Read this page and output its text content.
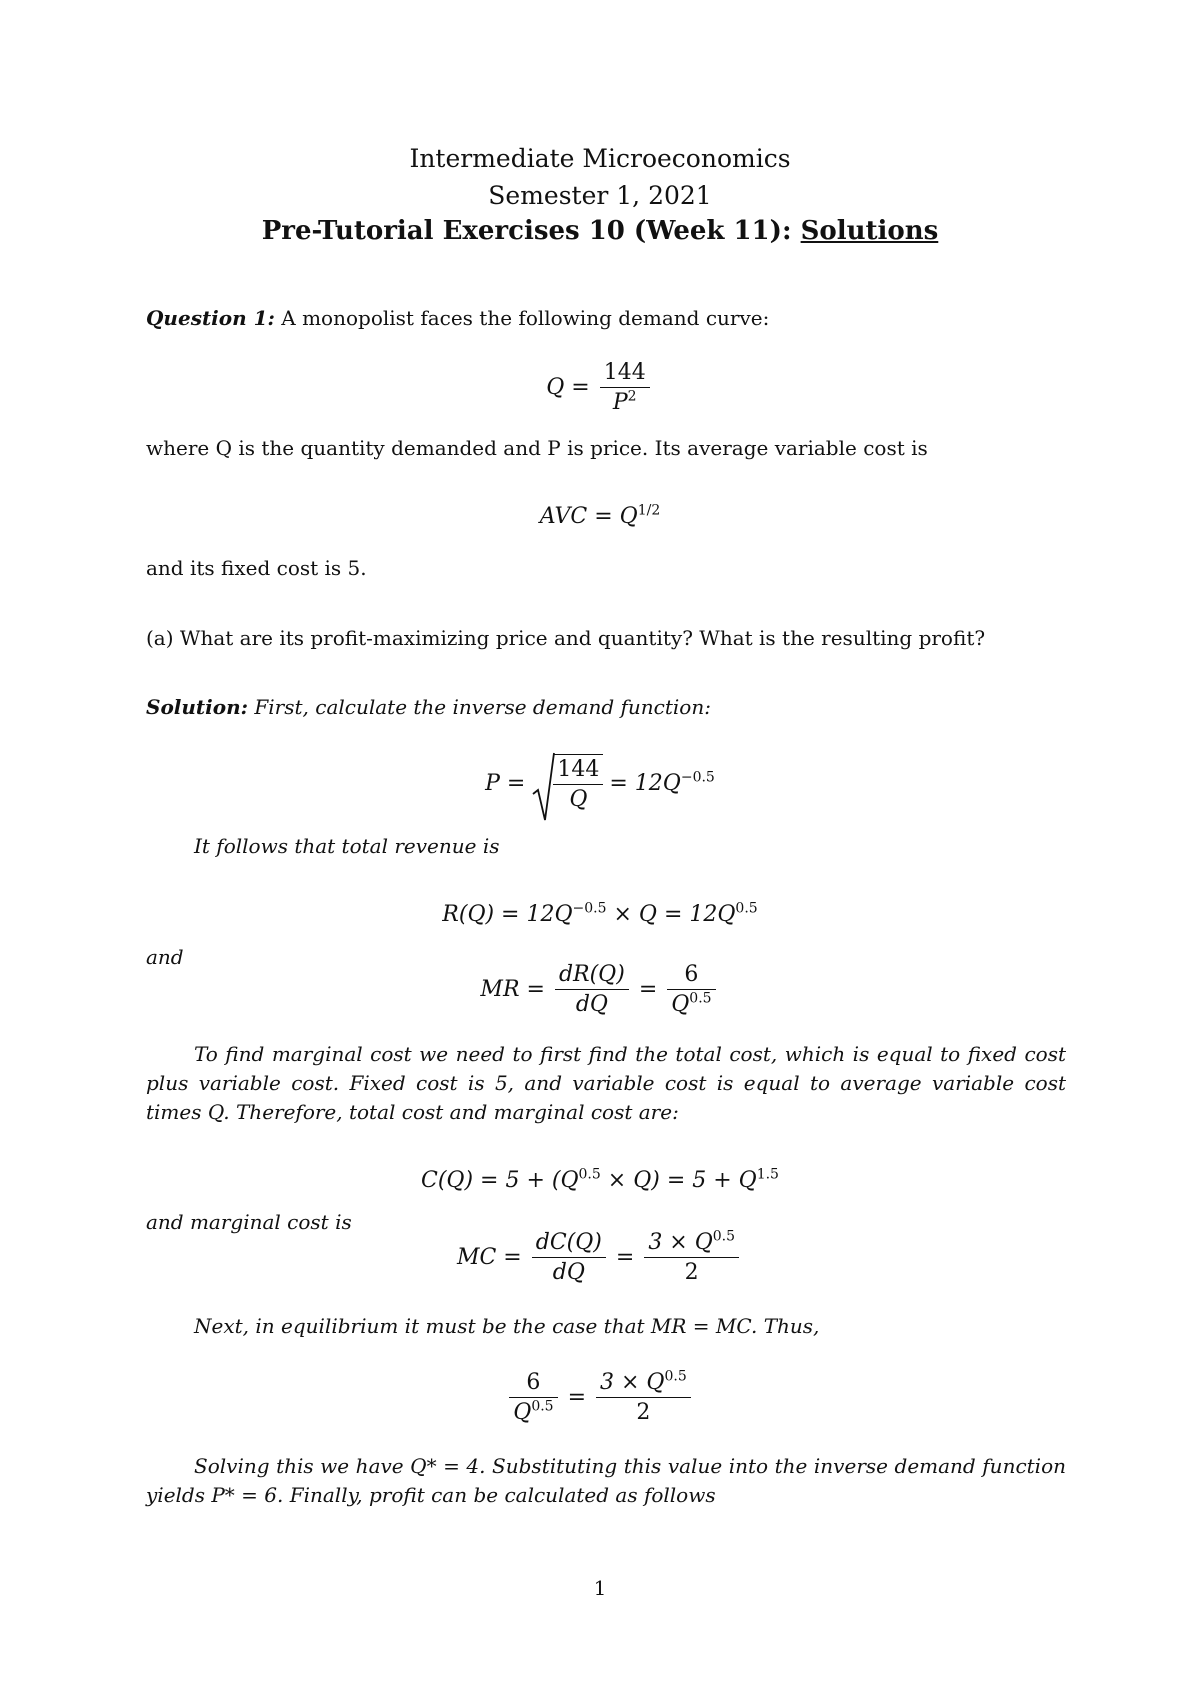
Intermediate Microeconomics
Semester 1, 2021
Pre-Tutorial Exercises 10 (Week 11): Solutions
Question 1: A monopolist faces the following demand curve:
$Q = \frac{144}{P^2}$
where Q is the quantity demanded and P is price. Its average variable cost is
AVC = $Q^{1/2}$
and its fixed cost is 5.
(a) What are its profit-maximizing price and quantity? What is the resulting profit?
Solution: First, calculate the inverse demand function:
$P = \frac{144}{Q} = 12Q^{-0.5}$
It follows that total revenue is
$R(Q) = 12Q^{-0.5} \times Q = 12Q^{0.5}$
and
MR = $\frac{dR(Q)}{dQ} = \frac{6}{Q^{0.5}}$
To find marginal cost we need to first find the total cost, which is equal to fixed cost plus variable cost. Fixed cost is 5, and variable cost is equal to average variable cost times Q. Therefore, total cost and marginal cost are:
$C(Q) = 5 + (Q^{0.5} \times Q) = 5 + Q^{1.5}$
and marginal cost is
MC = $\frac{dC(Q)}{dQ} = \frac{3 \times Q^{0.5}}{2}$
Next, in equilibrium it must be the case that MR = MC. Thus,
$\frac{6}{Q^{0.5}} = \frac{3 \times Q^{0.5}}{2}$
Solving this we have Q* = 4. Substituting this value into the inverse demand function yields P* = 6. Finally, profit can be calculated as follows
1
